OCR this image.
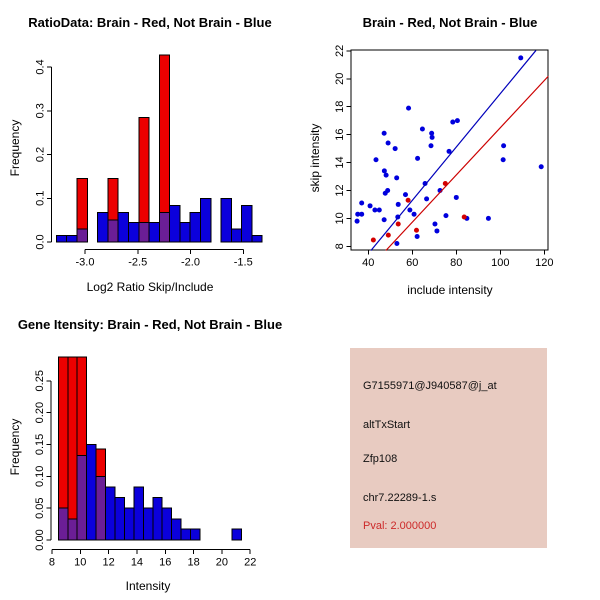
0.0
0.1
0.2
0.3
0.4
-3.0	-2.5	-2.0	-1.5
RatioData: Brain - Red, Not Brain - Blue
Log2 Ratio Skip/Include
Frequency
40	60	80	100 120
8
10
12
14
16
18
20
22
Brain - Red, Not Brain - Blue
include intensity
skip intensity
0.00
0.05
0.10
0.15
0.20
0.25
8 10 12 14 16 18 20 22
Gene Itensity: Brain - Red, Not Brain - Blue
Intensity
Frequency
G7155971@J940587@j_at
altTxStart
Zfp108
chr7.22289-1.s
Pval: 2.000000
